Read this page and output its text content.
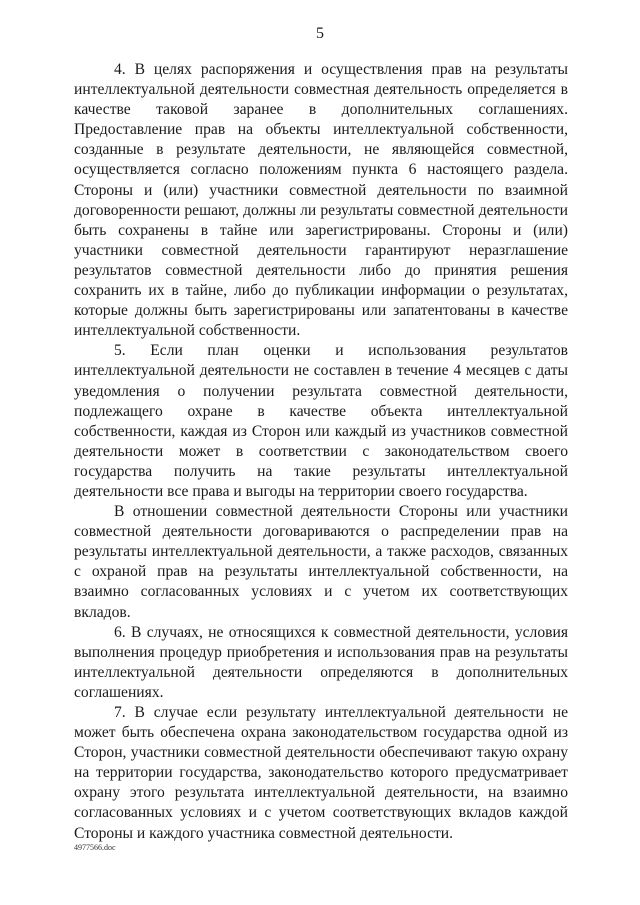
5

4. В целях распоряжения и осуществления прав на результаты интеллектуальной деятельности совместная деятельность определяется в качестве таковой заранее в дополнительных соглашениях. Предоставление прав на объекты интеллектуальной собственности, созданные в результате деятельности, не являющейся совместной, осуществляется согласно положениям пункта 6 настоящего раздела. Стороны и (или) участники совместной деятельности по взаимной договоренности решают, должны ли результаты совместной деятельности быть сохранены в тайне или зарегистрированы. Стороны и (или) участники совместной деятельности гарантируют неразглашение результатов совместной деятельности либо до принятия решения сохранить их в тайне, либо до публикации информации о результатах, которые должны быть зарегистрированы или запатентованы в качестве интеллектуальной собственности.

5. Если план оценки и использования результатов интеллектуальной деятельности не составлен в течение 4 месяцев с даты уведомления о получении результата совместной деятельности, подлежащего охране в качестве объекта интеллектуальной собственности, каждая из Сторон или каждый из участников совместной деятельности может в соответствии с законодательством своего государства получить на такие результаты интеллектуальной деятельности все права и выгоды на территории своего государства.

В отношении совместной деятельности Стороны или участники совместной деятельности договариваются о распределении прав на результаты интеллектуальной деятельности, а также расходов, связанных с охраной прав на результаты интеллектуальной собственности, на взаимно согласованных условиях и с учетом их соответствующих вкладов.

6. В случаях, не относящихся к совместной деятельности, условия выполнения процедур приобретения и использования прав на результаты интеллектуальной деятельности определяются в дополнительных соглашениях.

7. В случае если результату интеллектуальной деятельности не может быть обеспечена охрана законодательством государства одной из Сторон, участники совместной деятельности обеспечивают такую охрану на территории государства, законодательство которого предусматривает охрану этого результата интеллектуальной деятельности, на взаимно согласованных условиях и с учетом соответствующих вкладов каждой Стороны и каждого участника совместной деятельности.

4977566.doc
